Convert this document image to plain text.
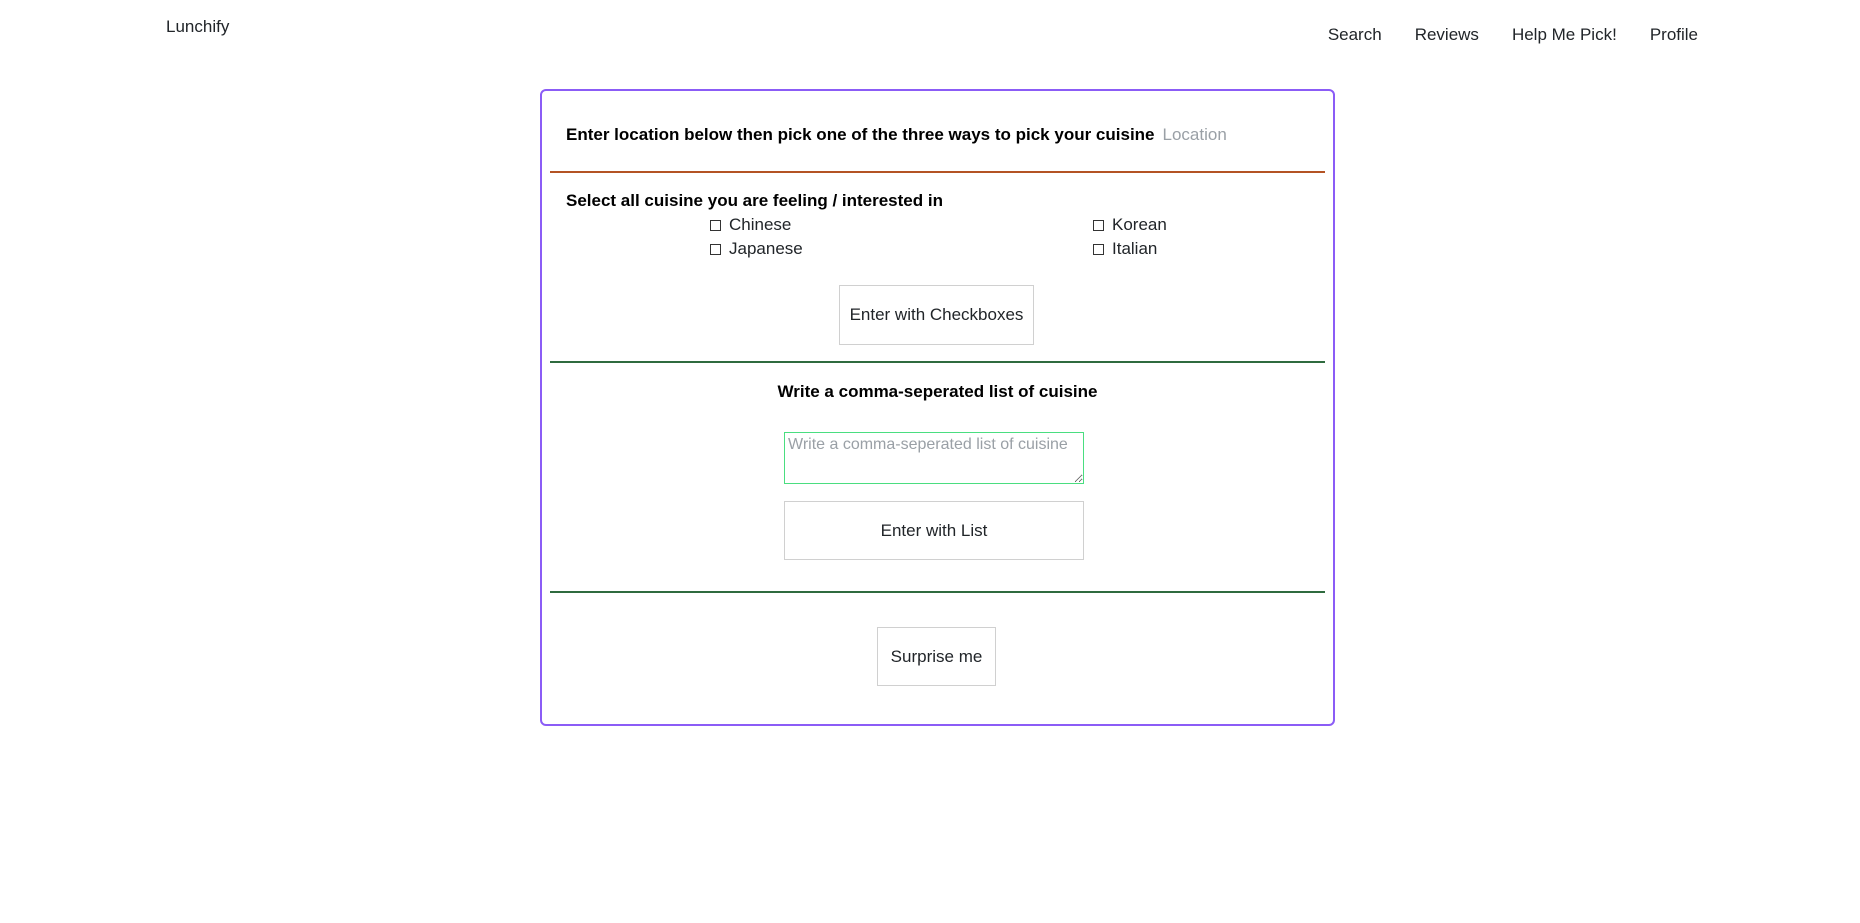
Lunchify	Search Reviews Help Me Pick! Profile
Enter location below then pick one of the three ways to pick your cuisine
Location
Select all cuisine you are feeling / interested in
Chinese	Korean
Japanese	Italian
Enter with Checkboxes
Write a comma-seperated list of cuisine
Write a comma-seperated list of cuisine
Enter with List
Surprise me
